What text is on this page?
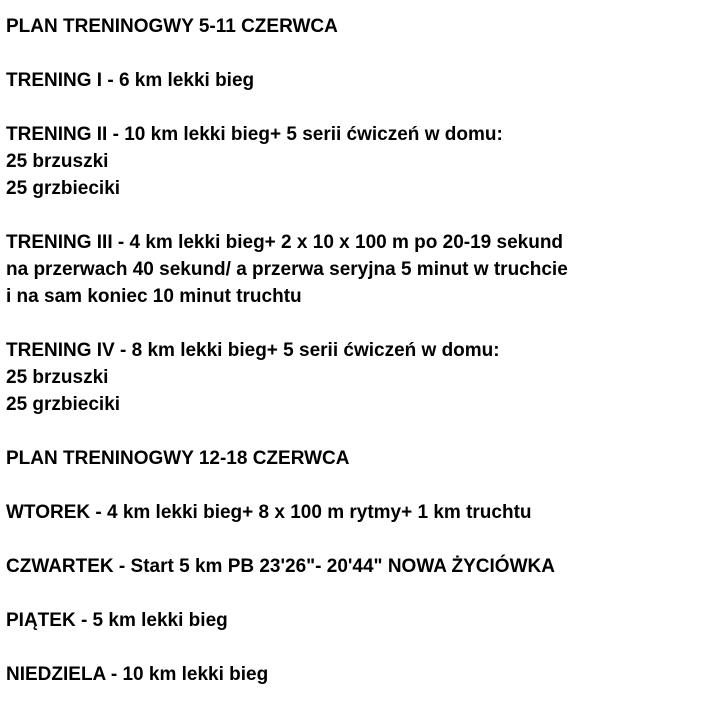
PLAN TRENINOGWY 5-11 CZERWCA
TRENING I - 6 km lekki bieg
TRENING II - 10 km lekki bieg+ 5 serii ćwiczeń w domu:
25 brzuszki
25 grzbieciki
TRENING III - 4 km lekki bieg+ 2 x 10 x 100 m po 20-19 sekund
na przerwach 40 sekund/ a przerwa seryjna 5 minut w truchcie
i na sam koniec 10 minut truchtu
TRENING IV - 8 km lekki bieg+ 5 serii ćwiczeń w domu:
25 brzuszki
25 grzbieciki
PLAN TRENINOGWY 12-18 CZERWCA
WTOREK - 4 km lekki bieg+ 8 x 100 m rytmy+ 1 km truchtu
CZWARTEK - Start 5 km PB 23'26"- 20'44" NOWA ŻYCIÓWKA
PIĄTEK - 5 km lekki bieg
NIEDZIELA - 10 km lekki bieg
